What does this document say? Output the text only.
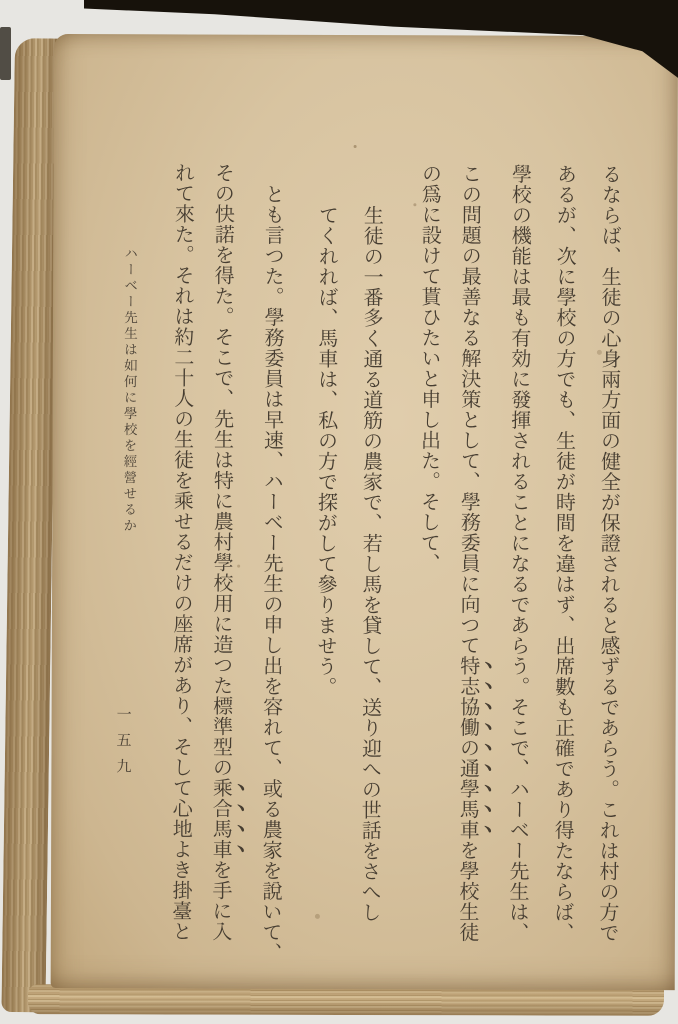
るならば、生徒の心身兩方面の健全が保證されると感ずるであらう。これは村の方で
あるが、次に學校の方でも、生徒が時間を違はず、出席數も正確であり得たならば、
學校の機能は最も有効に發揮されることになるであらう。そこで、ハーベー先生は、
この問題の最善なる解決策として、學務委員に向つて特志協働の通學馬車を學校生徒
の爲に設けて貰ひたいと申し出た。そして、
生徒の一番多く通る道筋の農家で、若し馬を貸して、送り迎への世話をさへし
てくれれば、馬車は、私の方で探がして參りませう。
とも言つた。學務委員は早速、ハーベー先生の申し出を容れて、或る農家を說いて、
その快諾を得た。そこで、先生は特に農村學校用に造つた標準型の乘合馬車を手に入
れて來た。それは約二十人の生徒を乘せるだけの座席があり、そして心地よき掛臺と
ハーベー先生は如何に學校を經營せるか
一五九
